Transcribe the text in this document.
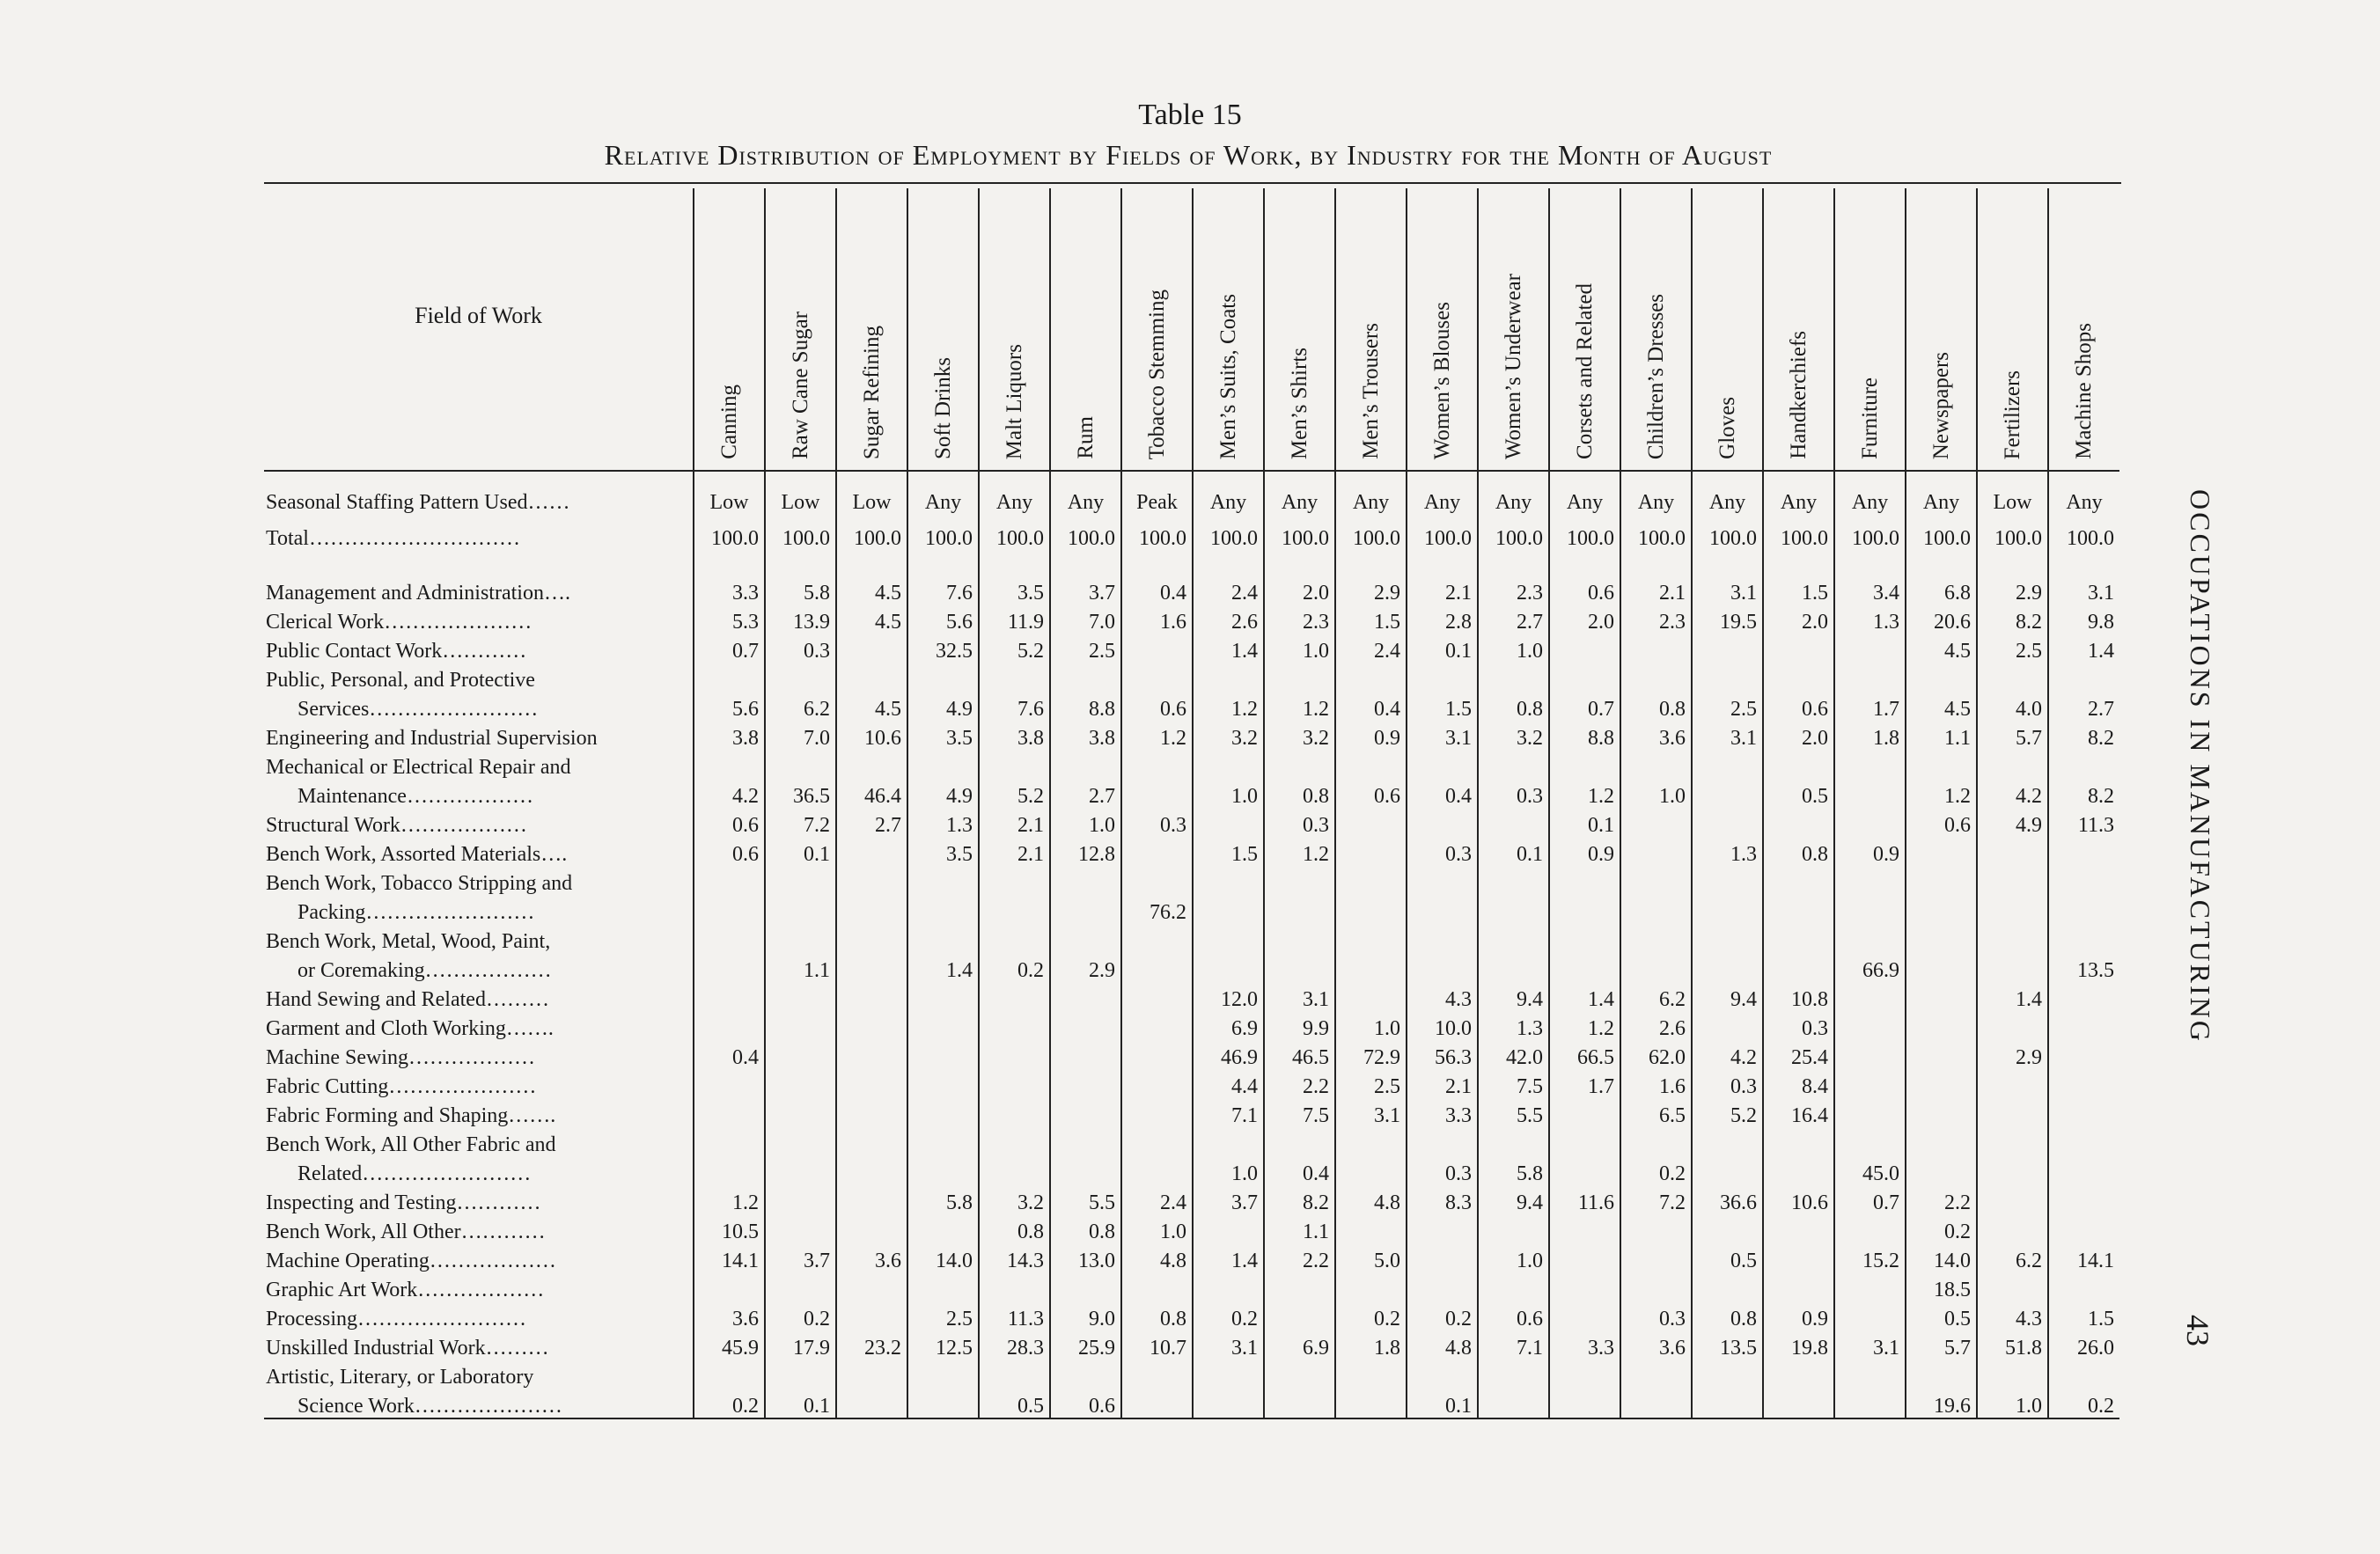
Table 15
Relative Distribution of Employment by Fields of Work, by Industry for the Month of August
Field of Work	Canning	Raw Cane Sugar	Sugar Refining	Soft Drinks	Malt Liquors	Rum	Tobacco Stemming	Men’s Suits, Coats	Men’s Shirts	Men’s Trousers	Women’s Blouses	Women’s Underwear	Corsets and Related	Children’s Dresses	Gloves	Handkerchiefs	Furniture	Newspapers	Fertilizers	Machine Shops

Seasonal Staffing Pattern Used……	Low	Low	Low	Any	Any	Any	Peak	Any	Any	Any	Any	Any	Any	Any	Any	Any	Any	Any	Low	Any
Total…………………………	100.0	100.0	100.0	100.0	100.0	100.0	100.0	100.0	100.0	100.0	100.0	100.0	100.0	100.0	100.0	100.0	100.0	100.0	100.0	100.0

Management and Administration….	3.3	5.8	4.5	7.6	3.5	3.7	0.4	2.4	2.0	2.9	2.1	2.3	0.6	2.1	3.1	1.5	3.4	6.8	2.9	3.1
Clerical Work…………………	5.3	13.9	4.5	5.6	11.9	7.0	1.6	2.6	2.3	1.5	2.8	2.7	2.0	2.3	19.5	2.0	1.3	20.6	8.2	9.8
Public Contact Work…………	0.7	0.3		32.5	5.2	2.5		1.4	1.0	2.4	0.1	1.0						4.5	2.5	1.4
Public, Personal, and Protective																				
Services……………………	5.6	6.2	4.5	4.9	7.6	8.8	0.6	1.2	1.2	0.4	1.5	0.8	0.7	0.8	2.5	0.6	1.7	4.5	4.0	2.7
Engineering and Industrial Supervision	3.8	7.0	10.6	3.5	3.8	3.8	1.2	3.2	3.2	0.9	3.1	3.2	8.8	3.6	3.1	2.0	1.8	1.1	5.7	8.2
Mechanical or Electrical Repair and																				
Maintenance………………	4.2	36.5	46.4	4.9	5.2	2.7		1.0	0.8	0.6	0.4	0.3	1.2	1.0		0.5		1.2	4.2	8.2
Structural Work………………	0.6	7.2	2.7	1.3	2.1	1.0	0.3		0.3				0.1					0.6	4.9	11.3
Bench Work, Assorted Materials….	0.6	0.1		3.5	2.1	12.8		1.5	1.2		0.3	0.1	0.9		1.3	0.8	0.9			
Bench Work, Tobacco Stripping and																				
Packing……………………							76.2													
Bench Work, Metal, Wood, Paint,																				
or Coremaking………………		1.1		1.4	0.2	2.9											66.9			13.5
Hand Sewing and Related………								12.0	3.1		4.3	9.4	1.4	6.2	9.4	10.8			1.4	
Garment and Cloth Working…….								6.9	9.9	1.0	10.0	1.3	1.2	2.6		0.3				
Machine Sewing………………	0.4							46.9	46.5	72.9	56.3	42.0	66.5	62.0	4.2	25.4			2.9	
Fabric Cutting…………………								4.4	2.2	2.5	2.1	7.5	1.7	1.6	0.3	8.4				
Fabric Forming and Shaping…….								7.1	7.5	3.1	3.3	5.5		6.5	5.2	16.4				
Bench Work, All Other Fabric and																				
Related……………………								1.0	0.4		0.3	5.8		0.2			45.0			
Inspecting and Testing…………	1.2			5.8	3.2	5.5	2.4	3.7	8.2	4.8	8.3	9.4	11.6	7.2	36.6	10.6	0.7	2.2		
Bench Work, All Other…………	10.5				0.8	0.8	1.0		1.1									0.2		
Machine Operating………………	14.1	3.7	3.6	14.0	14.3	13.0	4.8	1.4	2.2	5.0		1.0			0.5		15.2	14.0	6.2	14.1
Graphic Art Work………………																		18.5		
Processing……………………	3.6	0.2		2.5	11.3	9.0	0.8	0.2		0.2	0.2	0.6		0.3	0.8	0.9		0.5	4.3	1.5
Unskilled Industrial Work………	45.9	17.9	23.2	12.5	28.3	25.9	10.7	3.1	6.9	1.8	4.8	7.1	3.3	3.6	13.5	19.8	3.1	5.7	51.8	26.0
Artistic, Literary, or Laboratory																				
Science Work…………………	0.2	0.1			0.5	0.6					0.1							19.6	1.0	0.2
OCCUPATIONS IN MANUFACTURING
43
